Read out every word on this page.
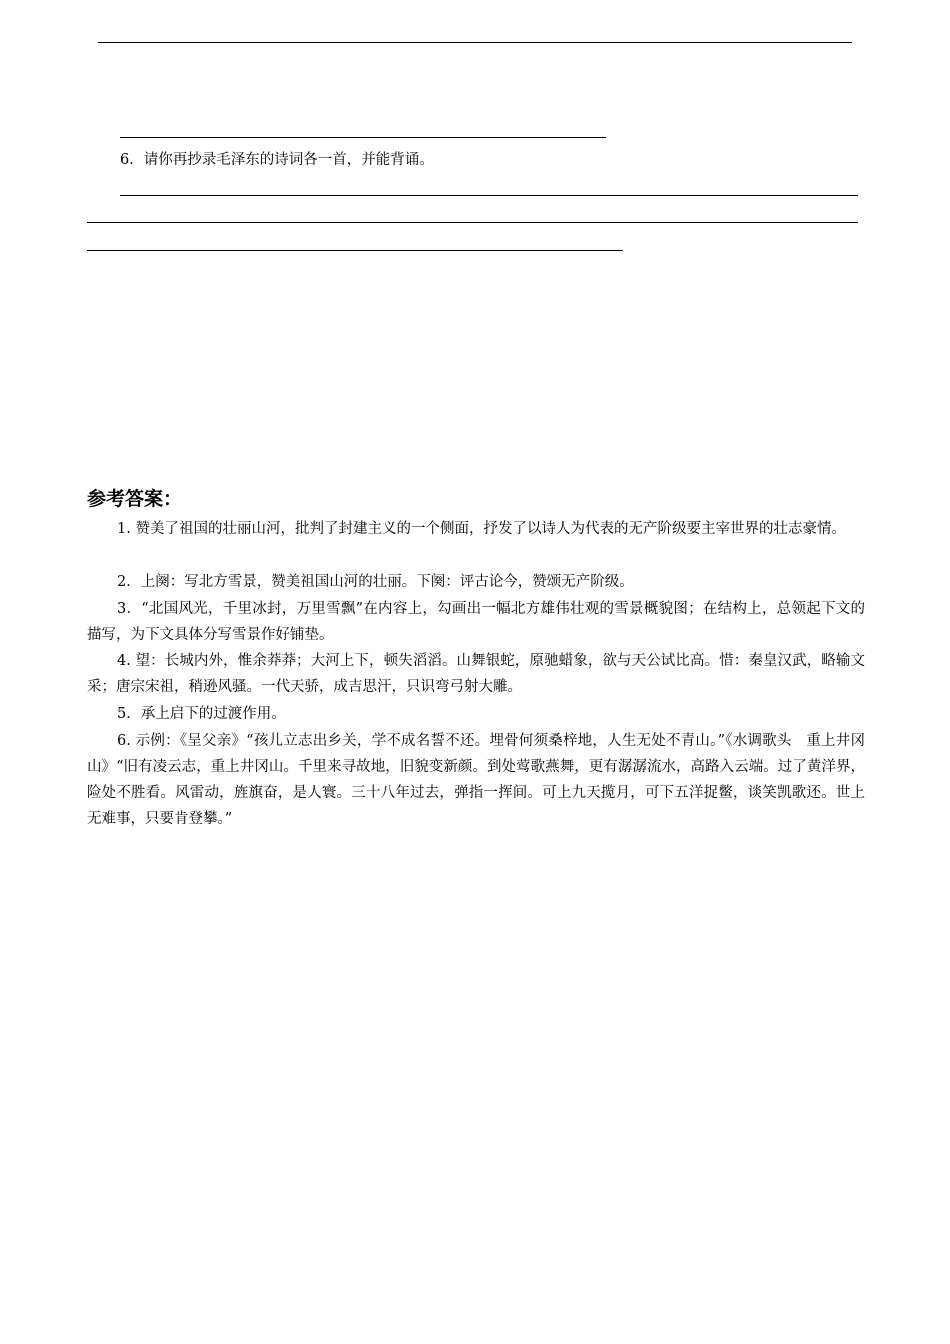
6．请你再抄录毛泽东的诗词各一首，并能背诵。
参考答案：
1. 赞美了祖国的壮丽山河，批判了封建主义的一个侧面，抒发了以诗人为代表的无产阶级要主宰世界的壮志豪情。
2．上阕：写北方雪景，赞美祖国山河的壮丽。下阕：评古论今，赞颂无产阶级。
3．“北国风光，千里冰封，万里雪飘”在内容上，勾画出一幅北方雄伟壮观的雪景概貌图；在结构上，总领起下文的描写，为下文具体分写雪景作好铺垫。
4. 望：长城内外，惟余莽莽；大河上下，顿失滔滔。山舞银蛇，原驰蜡象，欲与天公试比高。惜：秦皇汉武，略输文采；唐宗宋祖，稍逊风骚。一代天骄，成吉思汗，只识弯弓射大雕。
5．承上启下的过渡作用。
6. 示例：《呈父亲》“孩儿立志出乡关，学不成名誓不还。埋骨何须桑梓地，人生无处不青山。”《水调歌头　重上井冈山》“旧有凌云志，重上井冈山。千里来寻故地，旧貌变新颜。到处莺歌燕舞，更有潺潺流水，高路入云端。过了黄洋界，险处不胜看。风雷动，旌旗奋，是人寰。三十八年过去，弹指一挥间。可上九天揽月，可下五洋捉鳖，谈笑凯歌还。世上无难事，只要肯登攀。”
